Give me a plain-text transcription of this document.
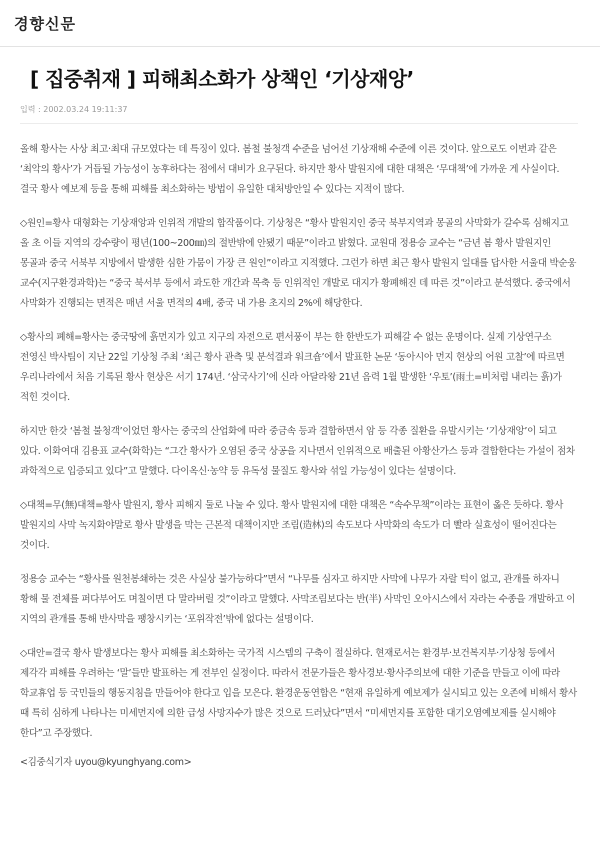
경향신문
[ 집중취재 ] 피해최소화가 상책인 ‘기상재앙’
입력 : 2002.03.24 19:11:37

올해 황사는 사상 최고·최대 규모였다는 데 특징이 있다. 봄철 불청객 수준을 넘어선 기상재해 수준에 이른 것이다. 앞으로도 이번과 같은 ‘최악의 황사’가 거듭될 가능성이 농후하다는 점에서 대비가 요구된다. 하지만 황사 발원지에 대한 대책은 ‘무대책’에 가까운 게 사실이다. 결국 황사 예보제 등을 통해 피해를 최소화하는 방법이 유일한 대처방안일 수 있다는 지적이 많다.

◇원인=황사 대형화는 기상재앙과 인위적 개발의 합작품이다. 기상청은 “황사 발원지인 중국 북부지역과 몽골의 사막화가 갈수록 심해지고 올 초 이들 지역의 강수량이 평년(100~200㎜)의 절반밖에 안됐기 때문”이라고 밝혔다. 교원대 정용승 교수는 “금년 봄 황사 발원지인 몽골과 중국 서북부 지방에서 발생한 심한 가뭄이 가장 큰 원인”이라고 지적했다. 그런가 하면 최근 황사 발원지 일대를 답사한 서울대 박순웅 교수(지구환경과학)는 “중국 북서부 등에서 과도한 개간과 목축 등 인위적인 개발로 대지가 황폐해진 데 따른 것”이라고 분석했다. 중국에서 사막화가 진행되는 면적은 매년 서울 면적의 4배, 중국 내 가용 초지의 2%에 해당한다.

◇황사의 폐해=황사는 중국땅에 흙먼지가 있고 지구의 자전으로 편서풍이 부는 한 한반도가 피해갈 수 없는 운명이다. 실제 기상연구소 전영신 박사팀이 지난 22일 기상청 주최 ‘최근 황사 관측 및 분석결과 워크숍’에서 발표한 논문 ‘동아시아 먼지 현상의 어원 고찰’에 따르면 우리나라에서 처음 기록된 황사 현상은 서기 174년. ‘삼국사기’에 신라 아달라왕 21년 음력 1월 발생한 ‘우토’(雨土=비처럼 내리는 흙)가 적힌 것이다.

하지만 한갓 ‘봄철 불청객’이었던 황사는 중국의 산업화에 따라 중금속 등과 결합하면서 암 등 각종 질환을 유발시키는 ‘기상재앙’이 되고 있다. 이화여대 김용표 교수(화학)는 “그간 황사가 오염된 중국 상공을 지나면서 인위적으로 배출된 아황산가스 등과 결합한다는 가설이 점차 과학적으로 입증되고 있다”고 말했다. 다이옥신·농약 등 유독성 물질도 황사와 섞일 가능성이 있다는 설명이다.

◇대책=무(無)대책=황사 발원지, 황사 피해지 둘로 나눌 수 있다. 황사 발원지에 대한 대책은 “속수무책”이라는 표현이 옳은 듯하다. 황사 발원지의 사막 녹지화야말로 황사 발생을 막는 근본적 대책이지만 조림(造林)의 속도보다 사막화의 속도가 더 빨라 실효성이 떨어진다는 것이다.

정용승 교수는 “황사를 원천봉쇄하는 것은 사실상 불가능하다”면서 “나무를 심자고 하지만 사막에 나무가 자랄 턱이 없고, 관개를 하자니 황해 물 전체를 퍼다부어도 며칠이면 다 말라버릴 것”이라고 말했다. 사막조림보다는 반(半) 사막인 오아시스에서 자라는 수종을 개발하고 이 지역의 관개를 통해 반사막을 팽창시키는 ‘포위작전’밖에 없다는 설명이다.

◇대안=결국 황사 발생보다는 황사 피해를 최소화하는 국가적 시스템의 구축이 절실하다. 현재로서는 환경부·보건복지부·기상청 등에서 제각각 피해를 우려하는 ‘말’들만 발표하는 게 전부인 실정이다. 따라서 전문가들은 황사경보·황사주의보에 대한 기준을 만들고 이에 따라 학교휴업 등 국민들의 행동지침을 만들어야 한다고 입을 모은다. 환경운동연합은 “현재 유일하게 예보제가 실시되고 있는 오존에 비해서 황사 때 특히 심하게 나타나는 미세먼지에 의한 급성 사망자수가 많은 것으로 드러났다”면서 “미세먼지를 포함한 대기오염예보제를 실시해야 한다”고 주장했다.

<김중식기자 uyou@kyunghyang.com>
